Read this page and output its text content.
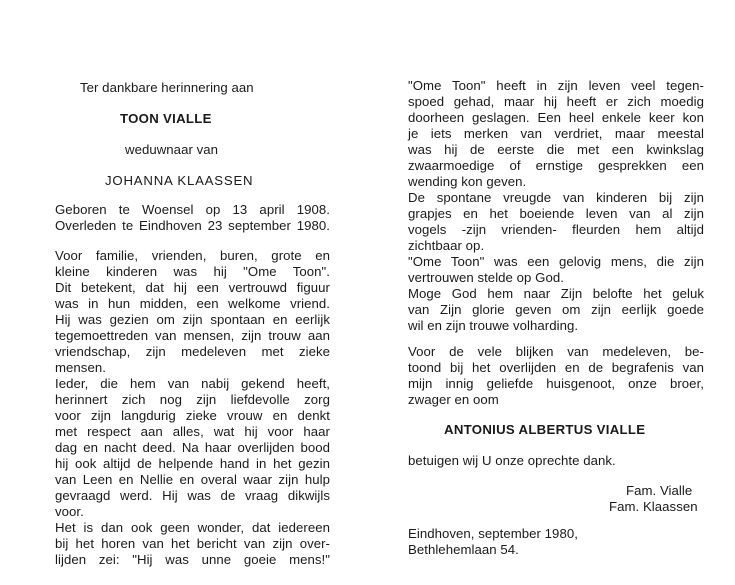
Ter dankbare herinnering aan
TOON VIALLE
weduwnaar van
JOHANNA KLAASSEN
Geboren te Woensel op 13 april 1908.
Overleden te Eindhoven 23 september 1980.
Voor familie, vrienden, buren, grote en
kleine kinderen was hij "Ome Toon".
Dit betekent, dat hij een vertrouwd figuur
was in hun midden, een welkome vriend.
Hij was gezien om zijn spontaan en eerlijk
tegemoettreden van mensen, zijn trouw aan
vriendschap, zijn medeleven met zieke
mensen.
Ieder, die hem van nabij gekend heeft,
herinnert zich nog zijn liefdevolle zorg
voor zijn langdurig zieke vrouw en denkt
met respect aan alles, wat hij voor haar
dag en nacht deed. Na haar overlijden bood
hij ook altijd de helpende hand in het gezin
van Leen en Nellie en overal waar zijn hulp
gevraagd werd. Hij was de vraag dikwijls
voor.
Het is dan ook geen wonder, dat iedereen
bij het horen van het bericht van zijn over-
lijden zei: "Hij was unne goeie mens!"
"Ome Toon" heeft in zijn leven veel tegen-
spoed gehad, maar hij heeft er zich moedig
doorheen geslagen. Een heel enkele keer kon
je iets merken van verdriet, maar meestal
was hij de eerste die met een kwinkslag
zwaarmoedige of ernstige gesprekken een
wending kon geven.
De spontane vreugde van kinderen bij zijn
grapjes en het boeiende leven van al zijn
vogels -zijn vrienden- fleurden hem altijd
zichtbaar op.
"Ome Toon" was een gelovig mens, die zijn
vertrouwen stelde op God.
Moge God hem naar Zijn belofte het geluk
van Zijn glorie geven om zijn eerlijk goede
wil en zijn trouwe volharding.
Voor de vele blijken van medeleven, be-
toond bij het overlijden en de begrafenis van
mijn innig geliefde huisgenoot, onze broer,
zwager en oom
ANTONIUS ALBERTUS VIALLE
betuigen wij U onze oprechte dank.
Fam. Vialle
Fam. Klaassen
Eindhoven, september 1980,
Bethlehemlaan 54.
